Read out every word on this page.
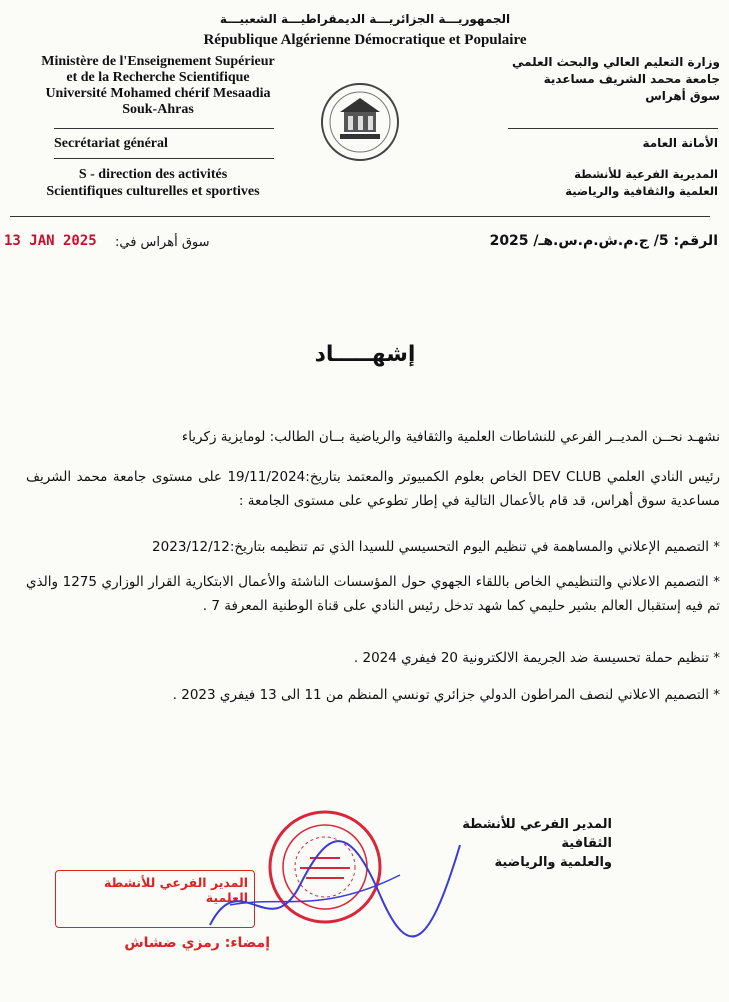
الجمهوريـــة الجزائريـــة الديمقراطيـــة الشعبيـــة
République Algérienne Démocratique et Populaire
Ministère de l'Enseignement Supérieur
et de la Recherche Scientifique
Université Mohamed chérif Mesaadia
Souk-Ahras
وزارة التعليم العالي والبحث العلمي
جامعة محمد الشريف مساعدية
سوق أهراس
Secrétariat général	الأمانة العامة
S - direction des activités
Scientifiques culturelles et sportives
المديرية الفرعية للأنشطة
العلمية والثقافية والرياضية
13 JAN 2025 سوق أهراس في:	الرقم: 5/ ج.م.ش.م.س.هـ/ 2025
إشهـــــاد
نشهـد نحــن المديــر الفرعي للنشاطات العلمية والثقافية والرياضية بــان الطالب: لومايزية زكرياء
رئيس النادي العلمي DEV CLUB الخاص بعلوم الكمبيوتر والمعتمد بتاريخ:19/11/2024 على مستوى جامعة محمد الشريف مساعدية سوق أهراس، قد قام بالأعمال التالية في إطار تطوعي على مستوى الجامعة :
* التصميم الإعلاني والمساهمة في تنظيم اليوم التحسيسي للسيدا الذي تم تنظيمه بتاريخ:2023/12/12
* التصميم الاعلاني والتنظيمي الخاص باللقاء الجهوي حول المؤسسات الناشئة والأعمال الابتكارية القرار الوزاري 1275 والذي تم فيه إستقبال العالم بشير حليمي كما شهد تدخل رئيس النادي على قناة الوطنية المعرفة 7 .
* تنظيم حملة تحسيسة ضد الجريمة الالكترونية 20 فيفري 2024 .
* التصميم الاعلاني لنصف المراطون الدولي جزائري تونسي المنظم من 11 الى 13 فيفري 2023 .
المدير الفرعي للأنشطة الثقافية
والعلمية والرياضية
المدير الفرعي للأنشطة العلمية
إمضاء: رمزي ضشاش
